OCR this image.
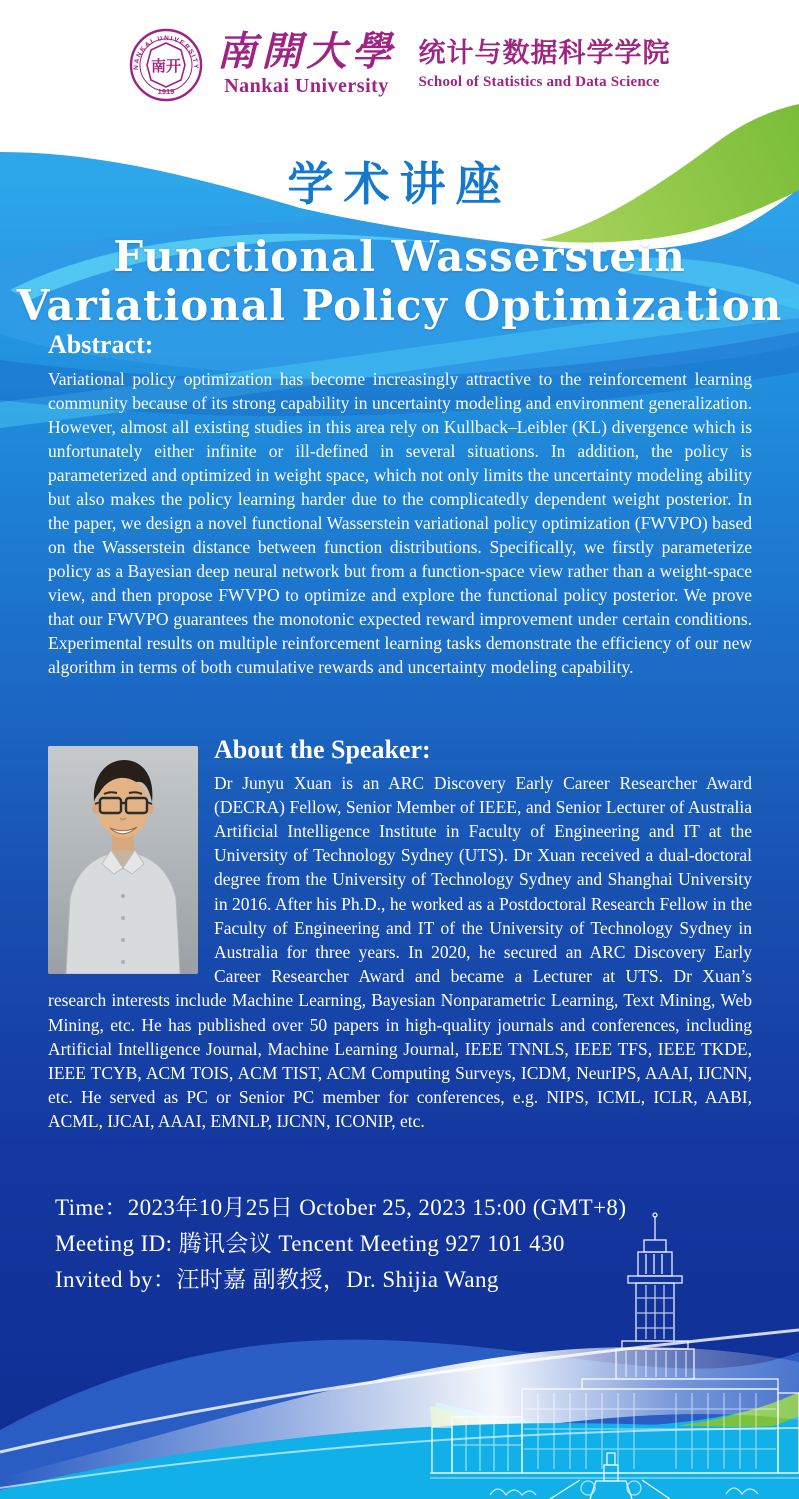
NANKAI UNIVERSITY
1919
南开 南開大學
Nankai University
统计与数据科学学院
School of Statistics and Data Science
学术讲座
Functional Wasserstein
Variational Policy Optimization
Abstract:

Variational policy optimization has become increasingly attractive to the reinforcement learning community because of its strong capability in uncertainty modeling and environment generalization. However, almost all existing studies in this area rely on Kullback–Leibler (KL) divergence which is unfortunately either infinite or ill-defined in several situations. In addition, the policy is parameterized and optimized in weight space, which not only limits the uncertainty modeling ability but also makes the policy learning harder due to the complicatedly dependent weight posterior. In the paper, we design a novel functional Wasserstein variational policy optimization (FWVPO) based on the Wasserstein distance between function distributions. Specifically, we firstly parameterize policy as a Bayesian deep neural network but from a function-space view rather than a weight-space view, and then propose FWVPO to optimize and explore the functional policy posterior. We prove that our FWVPO guarantees the monotonic expected reward improvement under certain conditions. Experimental results on multiple reinforcement learning tasks demonstrate the efficiency of our new algorithm in terms of both cumulative rewards and uncertainty modeling capability.

About the Speaker:

Dr Junyu Xuan is an ARC Discovery Early Career Researcher Award (DECRA) Fellow, Senior Member of IEEE, and Senior Lecturer of Australia Artificial Intelligence Institute in Faculty of Engineering and IT at the University of Technology Sydney (UTS). Dr Xuan received a dual-doctoral degree from the University of Technology Sydney and Shanghai University in 2016. After his Ph.D., he worked as a Postdoctoral Research Fellow in the Faculty of Engineering and IT of the University of Technology Sydney in Australia for three years. In 2020, he secured an ARC Discovery Early Career Researcher Award and became a Lecturer at UTS. Dr Xuan’s research interests include Machine Learning, Bayesian Nonparametric Learning, Text Mining, Web Mining, etc. He has published over 50 papers in high-quality journals and conferences, including Artificial Intelligence Journal, Machine Learning Journal, IEEE TNNLS, IEEE TFS, IEEE TKDE, IEEE TCYB, ACM TOIS, ACM TIST, ACM Computing Surveys, ICDM, NeurIPS, AAAI, IJCNN, etc. He served as PC or Senior PC member for conferences, e.g. NIPS, ICML, ICLR, AABI, ACML, IJCAI, AAAI, EMNLP, IJCNN, ICONIP, etc.

Time：2023年10月25日 October 25, 2023 15:00 (GMT+8)
Meeting ID: 腾讯会议 Tencent Meeting 927 101 430
Invited by：汪时嘉 副教授，Dr. Shijia Wang
